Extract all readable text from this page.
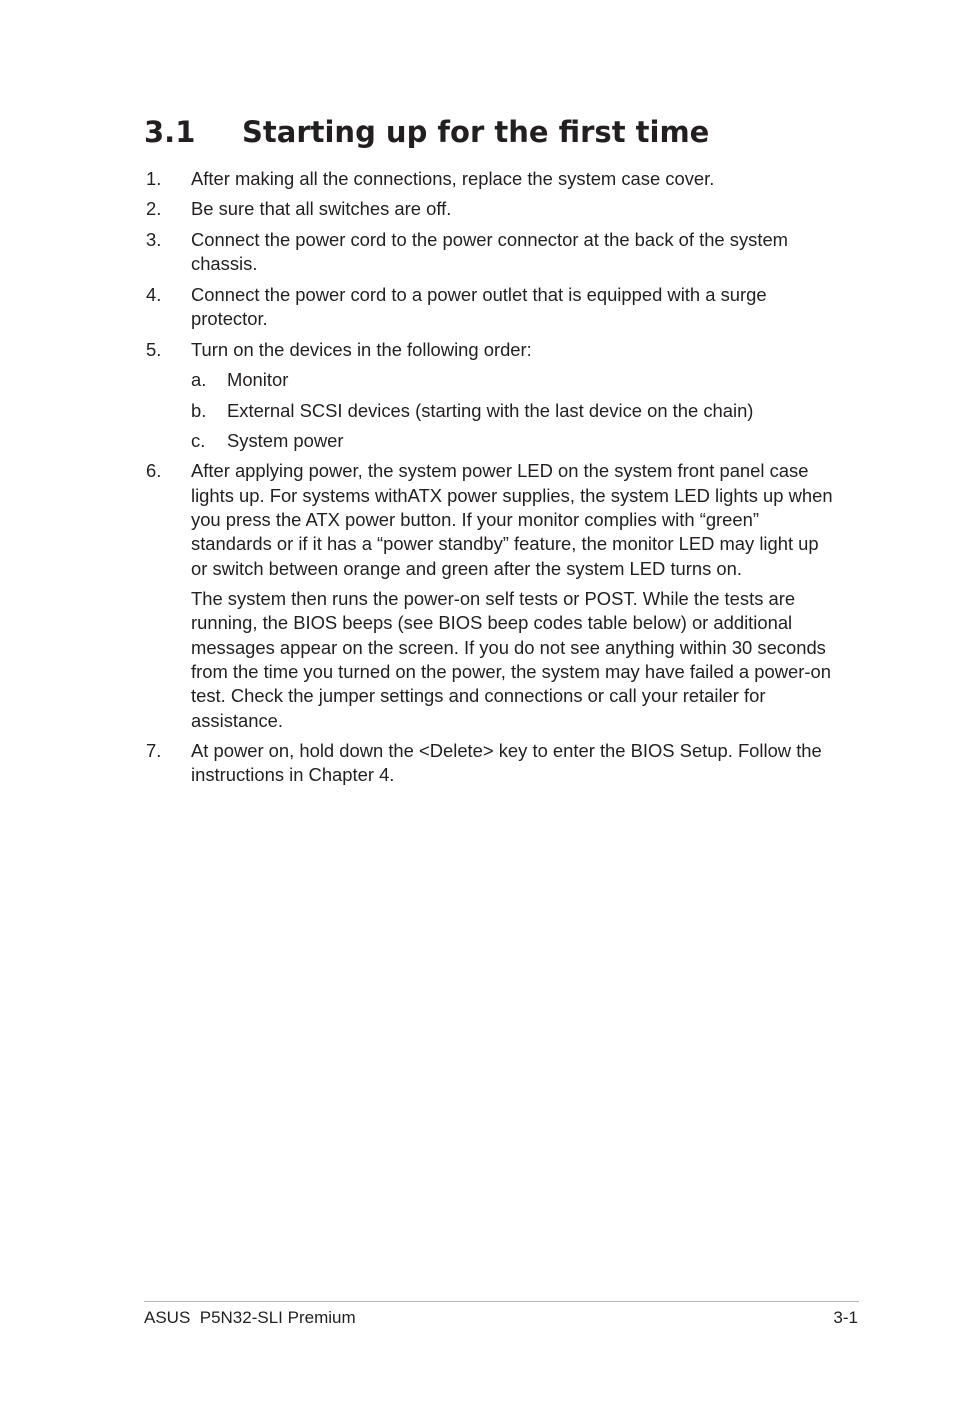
3.1 Starting up for the first time
1. After making all the connections, replace the system case cover.
2. Be sure that all switches are off.
3. Connect the power cord to the power connector at the back of the system chassis.
4. Connect the power cord to a power outlet that is equipped with a surge protector.
5. Turn on the devices in the following order:
a. Monitor
b. External SCSI devices (starting with the last device on the chain)
c. System power
6. After applying power, the system power LED on the system front panel case lights up. For systems withATX power supplies, the system LED lights up when you press the ATX power button. If your monitor complies with “green” standards or if it has a “power standby” feature, the monitor LED may light up or switch between orange and green after the system LED turns on.
The system then runs the power-on self tests or POST. While the tests are running, the BIOS beeps (see BIOS beep codes table below) or additional messages appear on the screen. If you do not see anything within 30 seconds from the time you turned on the power, the system may have failed a power-on test. Check the jumper settings and connections or call your retailer for assistance.
7. At power on, hold down the <Delete> key to enter the BIOS Setup. Follow the instructions in Chapter 4.
ASUS  P5N32-SLI Premium	3-1
